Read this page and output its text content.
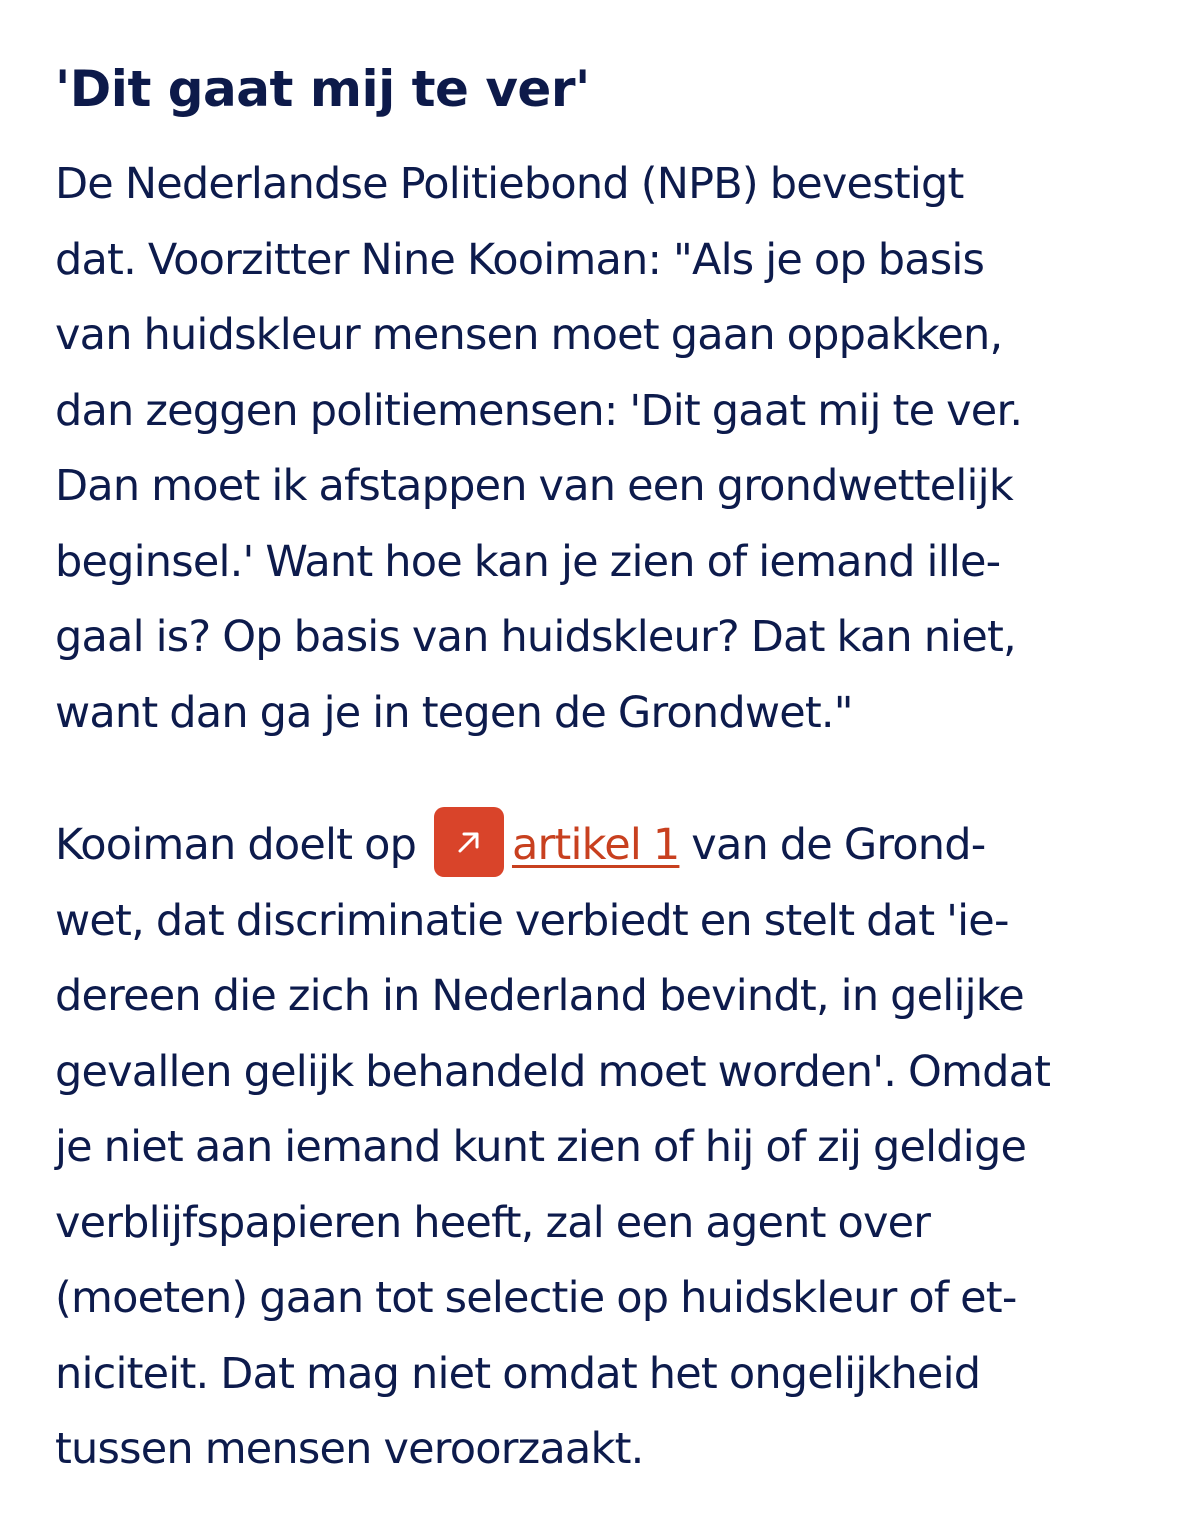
'Dit gaat mij te ver'

De Nederlandse Politiebond (NPB) bevestigt
dat. Voorzitter Nine Kooiman: "Als je op basis
van huidskleur mensen moet gaan oppakken,
dan zeggen politiemensen: 'Dit gaat mij te ver.
Dan moet ik afstappen van een grondwettelijk
beginsel.' Want hoe kan je zien of iemand ille-
gaal is? Op basis van huidskleur? Dat kan niet,
want dan ga je in tegen de Grondwet."

Kooiman doelt op
artikel 1 van de Grond-
wet, dat discriminatie verbiedt en stelt dat 'ie-
dereen die zich in Nederland bevindt, in gelijke
gevallen gelijk behandeld moet worden'. Omdat
je niet aan iemand kunt zien of hij of zij geldige
verblijfspapieren heeft, zal een agent over
(moeten) gaan tot selectie op huidskleur of et-
niciteit. Dat mag niet omdat het ongelijkheid
tussen mensen veroorzaakt.
